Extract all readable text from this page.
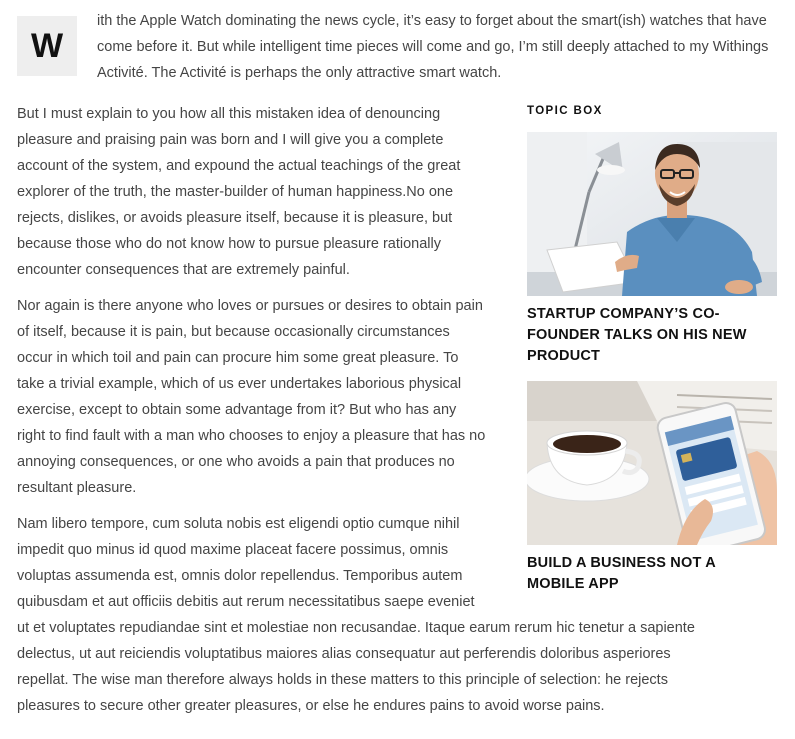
W

ith the Apple Watch dominating the news cycle, it’s easy to forget about the smart(ish) watches that have come before it. But while intelligent time pieces will come and go, I’m still deeply attached to my Withings Activité. The Activité is perhaps the only attractive smart watch.

TOPIC BOX
STARTUP COMPANY’S CO-FOUNDER TALKS ON HIS NEW PRODUCT
BUILD A BUSINESS NOT A MOBILE APP

But I must explain to you how all this mistaken idea of denouncing pleasure and praising pain was born and I will give you a complete account of the system, and expound the actual teachings of the great explorer of the truth, the master-builder of human happiness.No one rejects, dislikes, or avoids pleasure itself, because it is pleasure, but because those who do not know how to pursue pleasure rationally encounter consequences that are extremely painful.

Nor again is there anyone who loves or pursues or desires to obtain pain of itself, because it is pain, but because occasionally circumstances occur in which toil and pain can procure him some great pleasure. To take a trivial example, which of us ever undertakes laborious physical exercise, except to obtain some advantage from it? But who has any right to find fault with a man who chooses to enjoy a pleasure that has no annoying consequences, or one who avoids a pain that produces no resultant pleasure.

Nam libero tempore, cum soluta nobis est eligendi optio cumque nihil impedit quo minus id quod maxime placeat facere possimus, omnis voluptas assumenda est, omnis dolor repellendus. Temporibus autem quibusdam et aut officiis debitis aut rerum necessitatibus saepe eveniet ut et voluptates repudiandae sint et molestiae non recusandae. Itaque earum rerum hic tenetur a sapiente delectus, ut aut reiciendis voluptatibus maiores alias consequatur aut perferendis doloribus asperiores repellat. The wise man therefore always holds in these matters to this principle of selection: he rejects pleasures to secure other greater pleasures, or else he endures pains to avoid worse pains.
